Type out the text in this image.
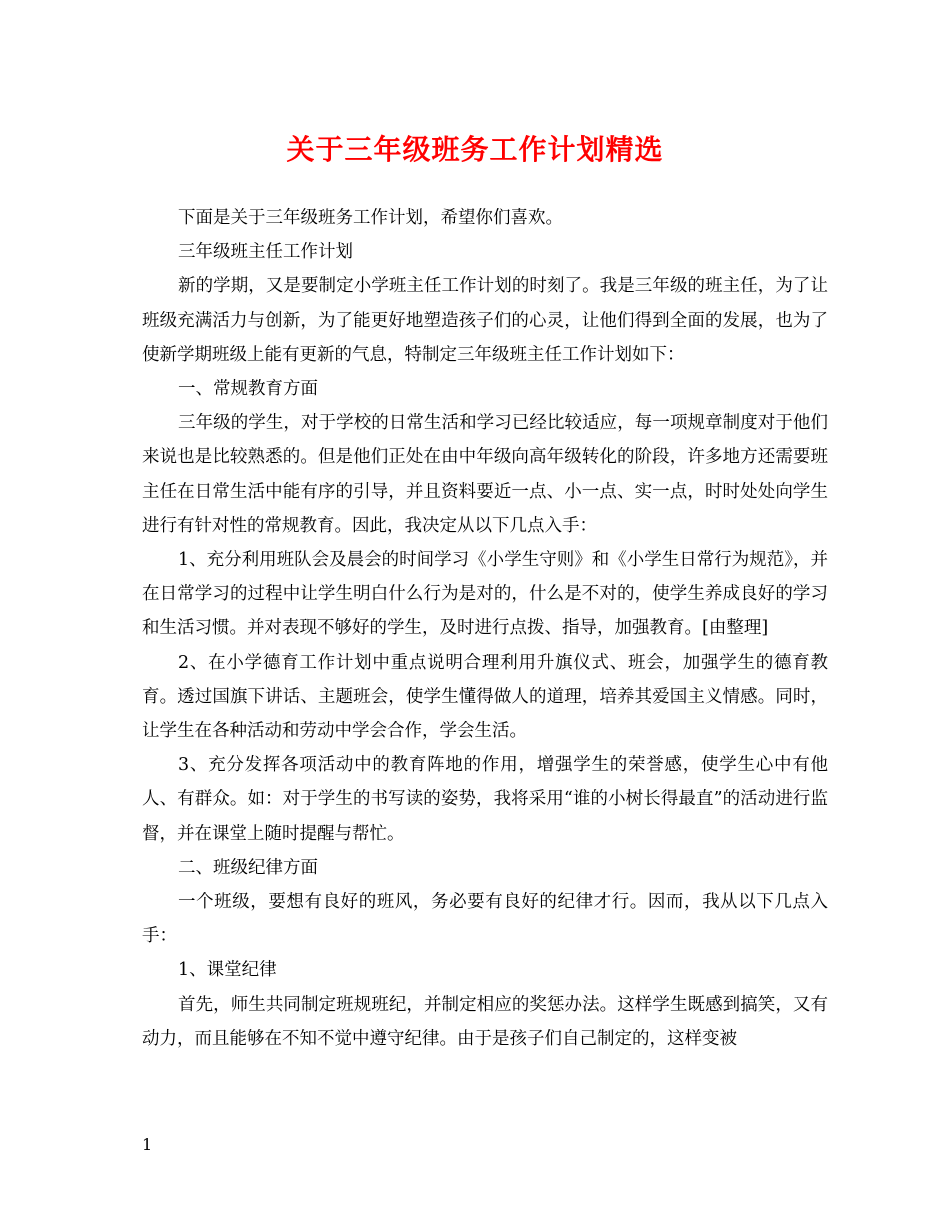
关于三年级班务工作计划精选

下面是关于三年级班务工作计划，希望你们喜欢。

三年级班主任工作计划

新的学期，又是要制定小学班主任工作计划的时刻了。我是三年级的班主任，为了让班级充满活力与创新，为了能更好地塑造孩子们的心灵，让他们得到全面的发展，也为了使新学期班级上能有更新的气息，特制定三年级班主任工作计划如下：

一、常规教育方面

三年级的学生，对于学校的日常生活和学习已经比较适应，每一项规章制度对于他们来说也是比较熟悉的。但是他们正处在由中年级向高年级转化的阶段，许多地方还需要班主任在日常生活中能有序的引导，并且资料要近一点、小一点、实一点，时时处处向学生进行有针对性的常规教育。因此，我决定从以下几点入手：

1、充分利用班队会及晨会的时间学习《小学生守则》和《小学生日常行为规范》，并在日常学习的过程中让学生明白什么行为是对的，什么是不对的，使学生养成良好的学习和生活习惯。并对表现不够好的学生，及时进行点拨、指导，加强教育。[由整理]

2、在小学德育工作计划中重点说明合理利用升旗仪式、班会，加强学生的德育教育。透过国旗下讲话、主题班会，使学生懂得做人的道理，培养其爱国主义情感。同时，让学生在各种活动和劳动中学会合作，学会生活。

3、充分发挥各项活动中的教育阵地的作用，增强学生的荣誉感，使学生心中有他人、有群众。如：对于学生的书写读的姿势，我将采用“谁的小树长得最直”的活动进行监督，并在课堂上随时提醒与帮忙。

二、班级纪律方面

一个班级，要想有良好的班风，务必要有良好的纪律才行。因而，我从以下几点入手：

1、课堂纪律

首先，师生共同制定班规班纪，并制定相应的奖惩办法。这样学生既感到搞笑，又有动力，而且能够在不知不觉中遵守纪律。由于是孩子们自己制定的，这样变被

1
